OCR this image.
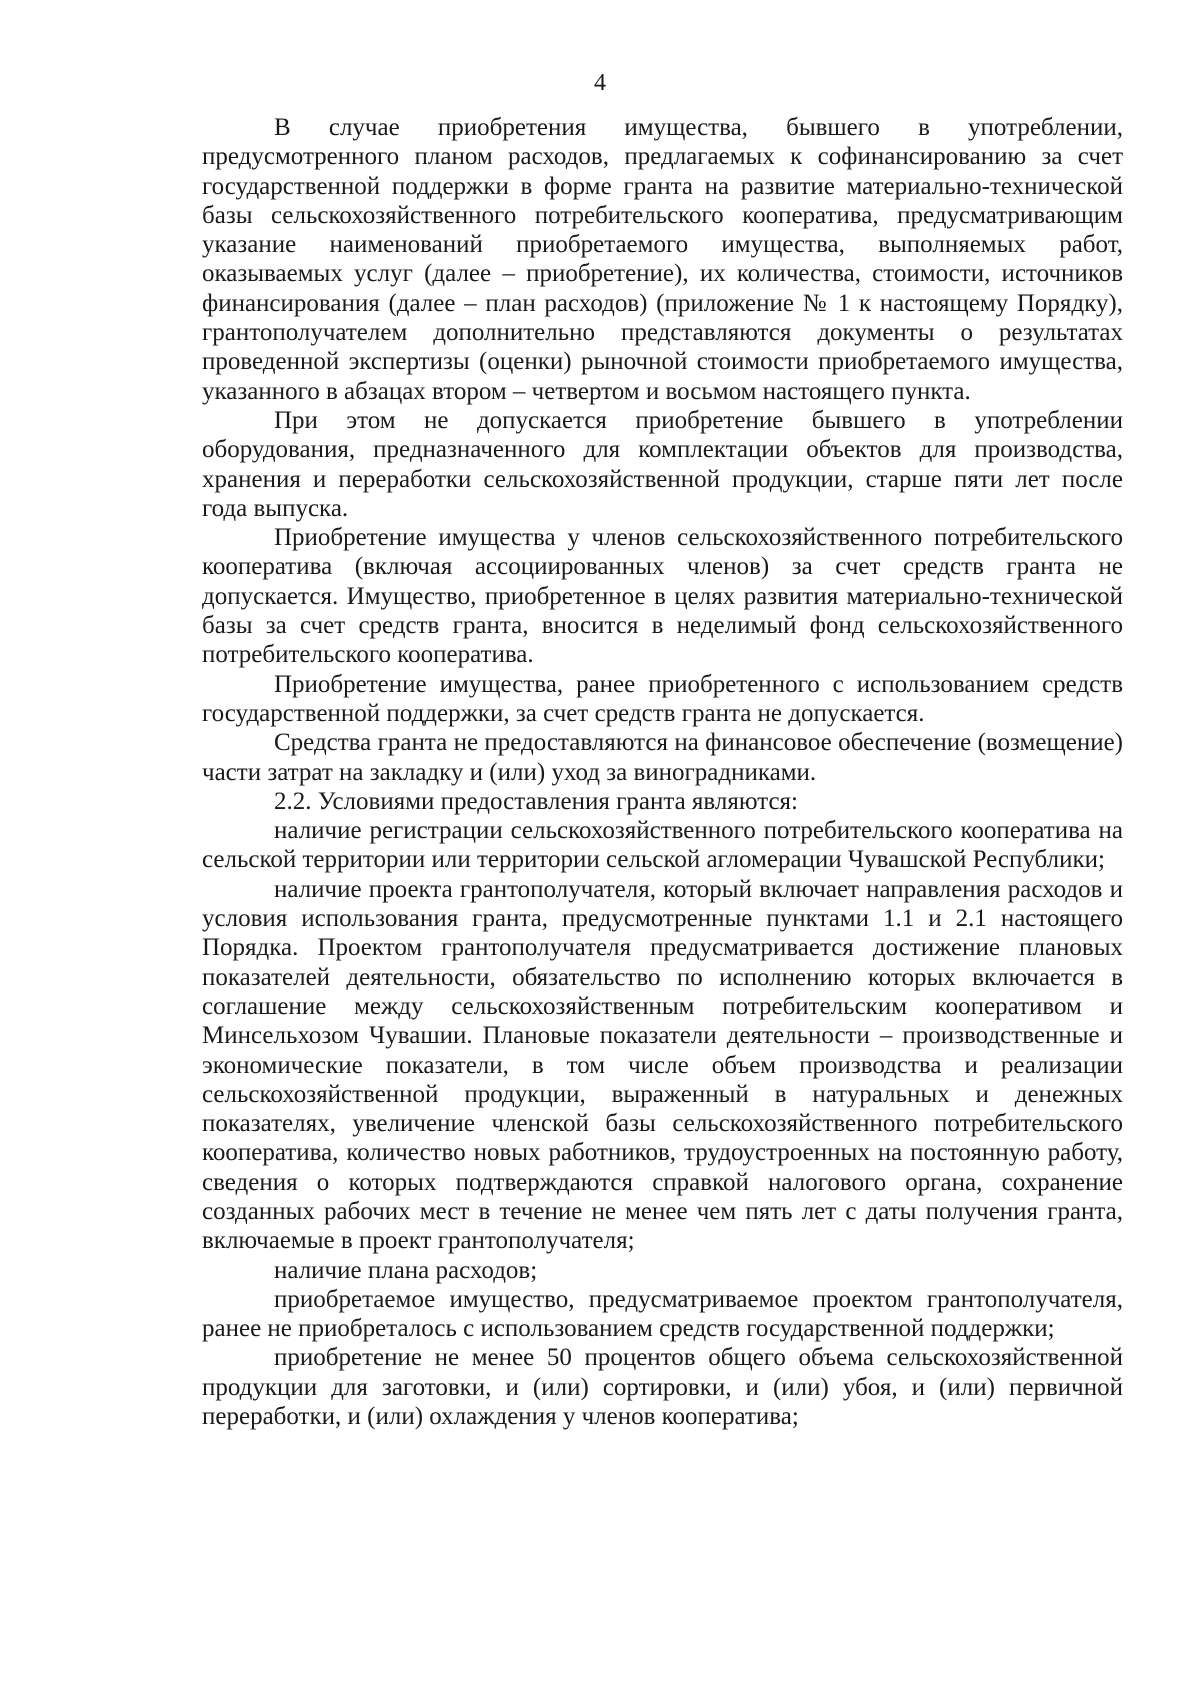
4

В случае приобретения имущества, бывшего в употреблении, предусмотренного планом расходов, предлагаемых к софинансированию за счет государственной поддержки в форме гранта на развитие материально-технической базы сельскохозяйственного потребительского кооператива, предусматривающим указание наименований приобретаемого имущества, выполняемых работ, оказываемых услуг (далее – приобретение), их количества, стоимости, источников финансирования (далее – план расходов) (приложение № 1 к настоящему Порядку), грантополучателем дополнительно представляются документы о результатах проведенной экспертизы (оценки) рыночной стоимости приобретаемого имущества, указанного в абзацах втором – четвертом и восьмом настоящего пункта.

При этом не допускается приобретение бывшего в употреблении оборудования, предназначенного для комплектации объектов для производства, хранения и переработки сельскохозяйственной продукции, старше пяти лет после года выпуска.

Приобретение имущества у членов сельскохозяйственного потребительского кооператива (включая ассоциированных членов) за счет средств гранта не допускается. Имущество, приобретенное в целях развития материально-технической базы за счет средств гранта, вносится в неделимый фонд сельскохозяйственного потребительского кооператива.

Приобретение имущества, ранее приобретенного с использованием средств государственной поддержки, за счет средств гранта не допускается.

Средства гранта не предоставляются на финансовое обеспечение (возмещение) части затрат на закладку и (или) уход за виноградниками.

2.2. Условиями предоставления гранта являются:

наличие регистрации сельскохозяйственного потребительского кооператива на сельской территории или территории сельской агломерации Чувашской Республики;

наличие проекта грантополучателя, который включает направления расходов и условия использования гранта, предусмотренные пунктами 1.1 и 2.1 настоящего Порядка. Проектом грантополучателя предусматривается достижение плановых показателей деятельности, обязательство по исполнению которых включается в соглашение между сельскохозяйственным потребительским кооперативом и Минсельхозом Чувашии. Плановые показатели деятельности – производственные и экономические показатели, в том числе объем производства и реализации сельскохозяйственной продукции, выраженный в натуральных и денежных показателях, увеличение членской базы сельскохозяйственного потребительского кооператива, количество новых работников, трудоустроенных на постоянную работу, сведения о которых подтверждаются справкой налогового органа, сохранение созданных рабочих мест в течение не менее чем пять лет с даты получения гранта, включаемые в проект грантополучателя;

наличие плана расходов;

приобретаемое имущество, предусматриваемое проектом грантополучателя, ранее не приобреталось с использованием средств государственной поддержки;

приобретение не менее 50 процентов общего объема сельскохозяйственной продукции для заготовки, и (или) сортировки, и (или) убоя, и (или) первичной переработки, и (или) охлаждения у членов кооператива;
